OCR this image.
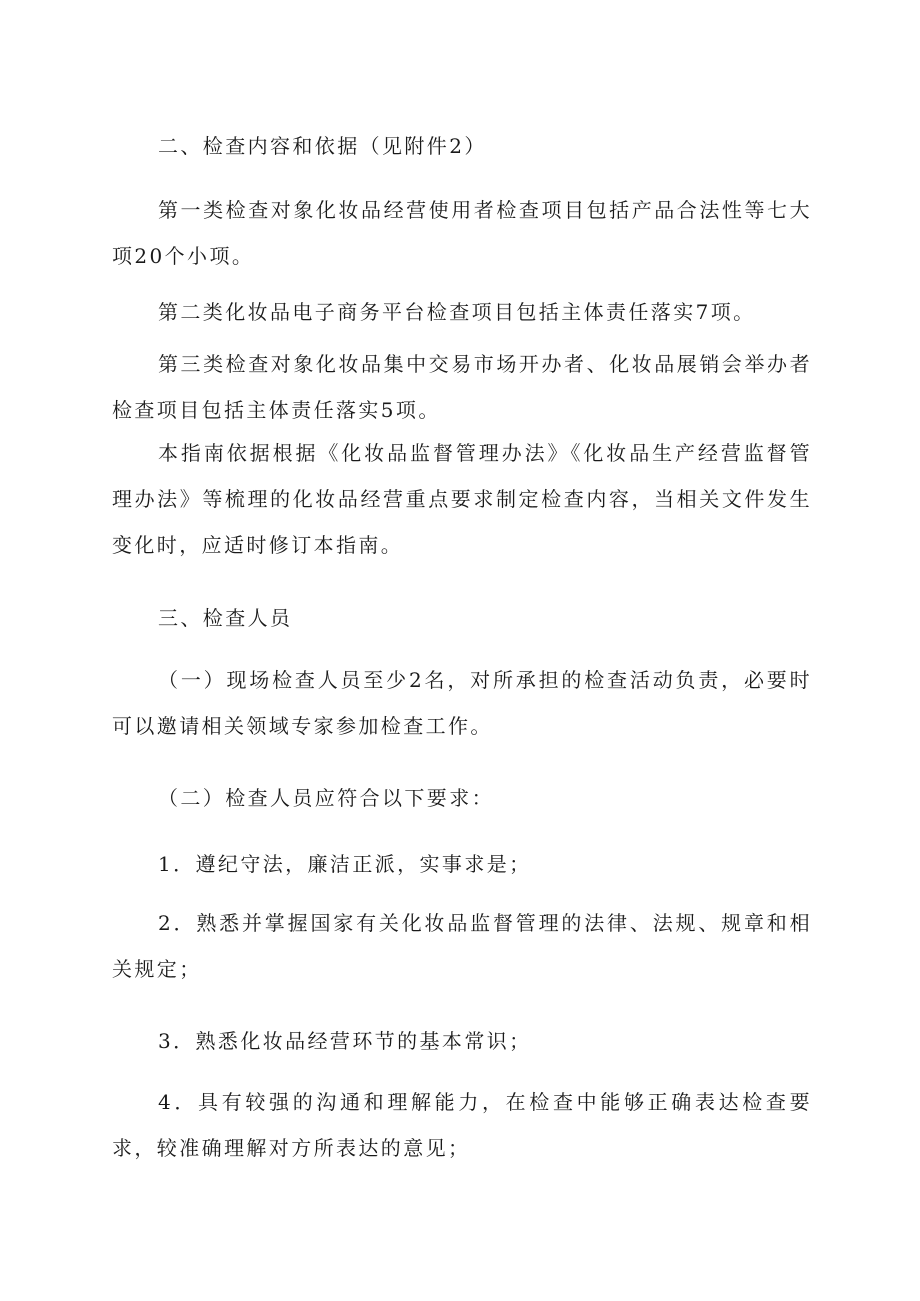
二、检查内容和依据（见附件2）

第一类检查对象化妆品经营使用者检查项目包括产品合法性等七大项20个小项。

第二类化妆品电子商务平台检查项目包括主体责任落实7项。

第三类检查对象化妆品集中交易市场开办者、化妆品展销会举办者检查项目包括主体责任落实5项。

本指南依据根据《化妆品监督管理办法》《化妆品生产经营监督管理办法》等梳理的化妆品经营重点要求制定检查内容，当相关文件发生变化时，应适时修订本指南。

三、检查人员

（一）现场检查人员至少2名，对所承担的检查活动负责，必要时可以邀请相关领域专家参加检查工作。

（二）检查人员应符合以下要求：

1．遵纪守法，廉洁正派，实事求是；

2．熟悉并掌握国家有关化妆品监督管理的法律、法规、规章和相关规定；

3．熟悉化妆品经营环节的基本常识；

4．具有较强的沟通和理解能力，在检查中能够正确表达检查要求，较准确理解对方所表达的意见；
